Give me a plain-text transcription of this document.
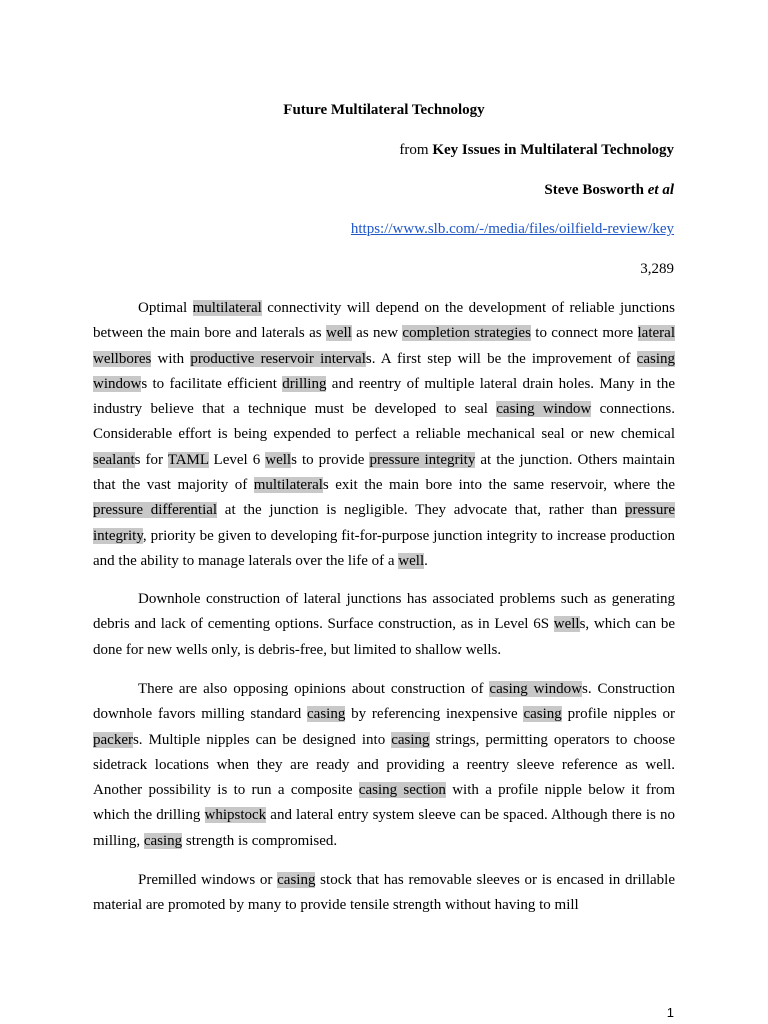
Future Multilateral Technology
from Key Issues in Multilateral Technology
Steve Bosworth et al
https://www.slb.com/-/media/files/oilfield-review/key
3,289

Optimal multilateral connectivity will depend on the development of reliable junctions between the main bore and laterals as well as new completion strategies to connect more lateral wellbores with productive reservoir intervals. A first step will be the improvement of casing windows to facilitate efficient drilling and reentry of multiple lateral drain holes. Many in the industry believe that a technique must be developed to seal casing window connections. Considerable effort is being expended to perfect a reliable mechanical seal or new chemical sealants for TAML Level 6 wells to provide pressure integrity at the junction. Others maintain that the vast majority of multilaterals exit the main bore into the same reservoir, where the pressure differential at the junction is negligible. They advocate that, rather than pressure integrity, priority be given to developing fit-for-purpose junction integrity to increase production and the ability to manage laterals over the life of a well.

Downhole construction of lateral junctions has associated problems such as generating debris and lack of cementing options. Surface construction, as in Level 6S wells, which can be done for new wells only, is debris-free, but limited to shallow wells.

There are also opposing opinions about construction of casing windows. Construction downhole favors milling standard casing by referencing inexpensive casing profile nipples or packers. Multiple nipples can be designed into casing strings, permitting operators to choose sidetrack locations when they are ready and providing a reentry sleeve reference as well. Another possibility is to run a composite casing section with a profile nipple below it from which the drilling whipstock and lateral entry system sleeve can be spaced. Although there is no milling, casing strength is compromised.

Premilled windows or casing stock that has removable sleeves or is encased in drillable material are promoted by many to provide tensile strength without having to mill

1
